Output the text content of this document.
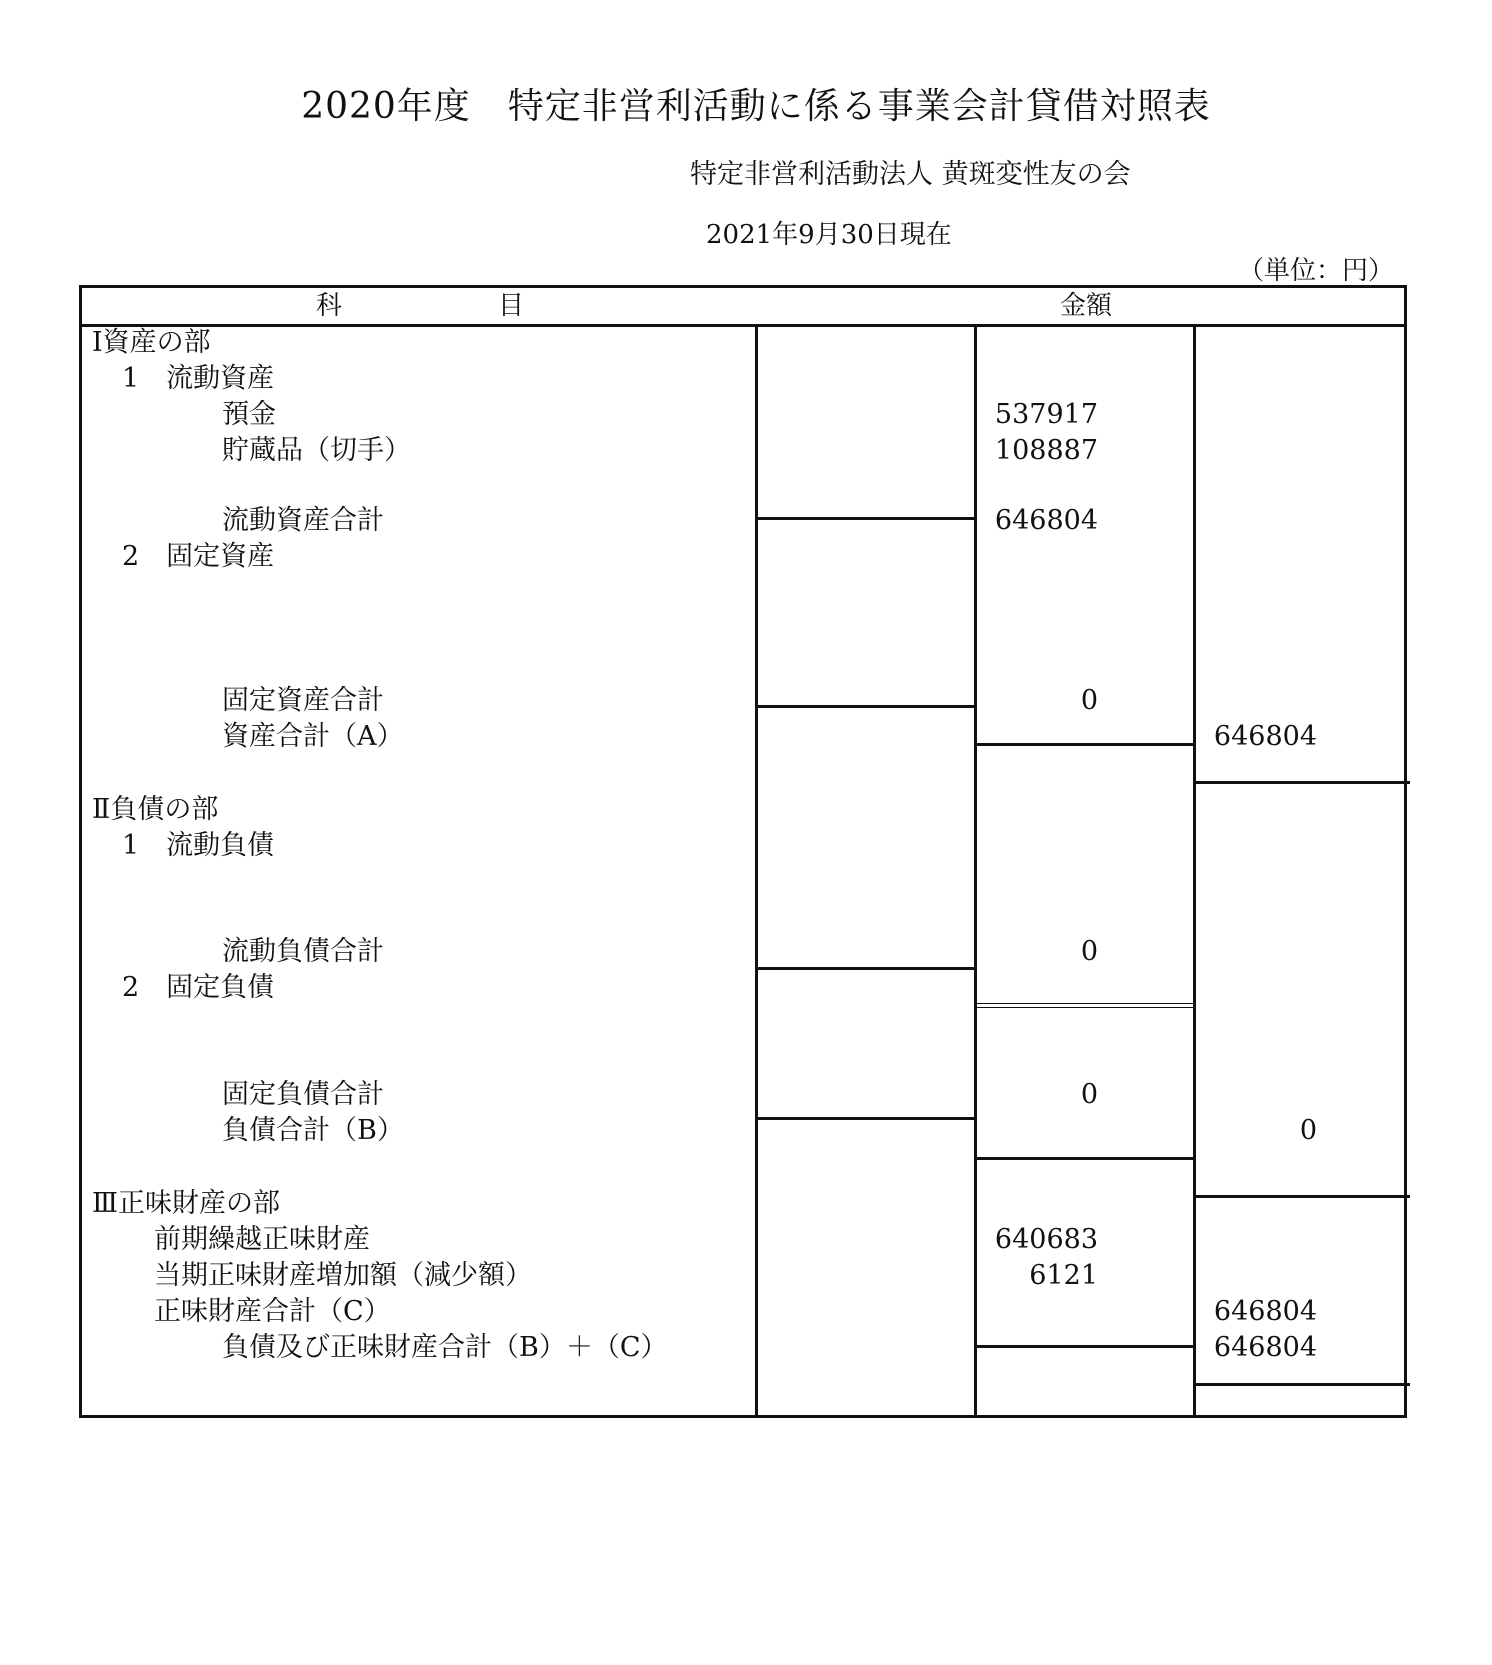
2020年度　特定非営利活動に係る事業会計貸借対照表
特定非営利活動法人 黄斑変性友の会
2021年9月30日現在
（単位：円）
科	目	金額
Ⅰ資産の部
1　流動資産
預金
貯蔵品（切手）
流動資産合計
2　固定資産
固定資産合計
資産合計（A）
Ⅱ負債の部
1　流動負債
流動負債合計
2　固定負債
固定負債合計
負債合計（B）
Ⅲ正味財産の部
前期繰越正味財産
当期正味財産増加額（減少額）
正味財産合計（C）
負債及び正味財産合計（B）＋（C）
537917
108887
646804
0
646804
0
0
0
640683
6121
646804
646804
